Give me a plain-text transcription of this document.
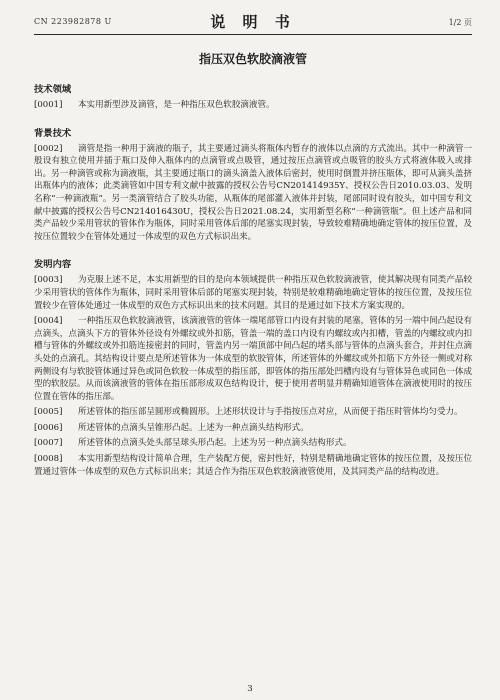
CN 223982878 U	说 明 书	1/2 页
指压双色软胶滴液管
技术领域

[0001] 本实用新型涉及滴管，是一种指压双色软胶滴液管。

背景技术

[0002] 滴管是指一种用于滴液的瓶子，其主要通过滴头将瓶体内暂存的液体以点滴的方式流出。其中一种滴管一般设有独立使用并插于瓶口及伸入瓶体内的点滴管或点吸管，通过按压点滴管或点吸管的胶头方式将液体吸入或排出。另一种滴管或称为滴液瓶，其主要通过瓶口的滴头滴盖入液体后密封，使用时倒置并挤压瓶体，即可从滴头盖挤出瓶体内的液体；此类滴管如中国专利文献中披露的授权公告号CN201414935Y、授权公告日2010.03.03、发明名称“一种滴液瓶”。另一类滴管结合了胶头功能，从瓶体的尾部灌入液体并封装，尾部同时设有胶头，如中国专利文献中披露的授权公告号CN214016430U，授权公告日2021.08.24，实用新型名称“一种滴管瓶”。但上述产品和同类产品较少采用管状的管体作为瓶体，同时采用管体后部的尾塞实现封装，导致较难精确地确定管体的按压位置，及按压位置较少在管体处通过一体成型的双色方式标识出来。

发明内容

[0003] 为克服上述不足，本实用新型的目的是向本领域提供一种指压双色软胶滴液管，使其解决现有同类产品较少采用管状的管体作为瓶体，同时采用管体后部的尾塞实现封装，特别是较难精确地确定管体的按压位置，及按压位置较少在管体处通过一体成型的双色方式标识出来的技术问题。其目的是通过如下技术方案实现的。

[0004] 一种指压双色软胶滴液管，该滴液管的管体一端尾部管口内设有封装的尾塞，管体的另一端中间凸起设有点滴头，点滴头下方的管体外径设有外螺纹或外扣筋，管盖一端的盖口内设有内螺纹或内扣槽，管盖的内螺纹或内扣槽与管体的外螺纹或外扣筋连接密封的同时，管盖内另一端顶部中间凸起的堵头部与管体的点滴头套合，并封住点滴头处的点滴孔。其结构设计要点是所述管体为一体成型的软胶管体，所述管体的外螺纹或外扣筋下方外径一侧或对称两侧设有与软胶管体通过异色或同色软胶一体成型的指压部，即管体的指压部处凹槽内设有与管体异色或同色一体成型的软胶层。从而该滴液管的管体在指压部形成双色结构设计，便于使用者明显并精确知道管体在滴液使用时的按压位置在管体的指压部。

[0005] 所述管体的指压部呈圆形或椭圆形。上述形状设计与手指按压点对应，从而便于指压时管体均匀受力。

[0006] 所述管体的点滴头呈锥形凸起。上述为一种点滴头结构形式。

[0007] 所述管体的点滴头处头部呈球头形凸起。上述为另一种点滴头结构形式。

[0008] 本实用新型结构设计简单合理，生产装配方便，密封性好，特别是精确地确定管体的按压位置，及按压位置通过管体一体成型的双色方式标识出来；其适合作为指压双色软胶滴液管使用，及其同类产品的结构改进。

3
